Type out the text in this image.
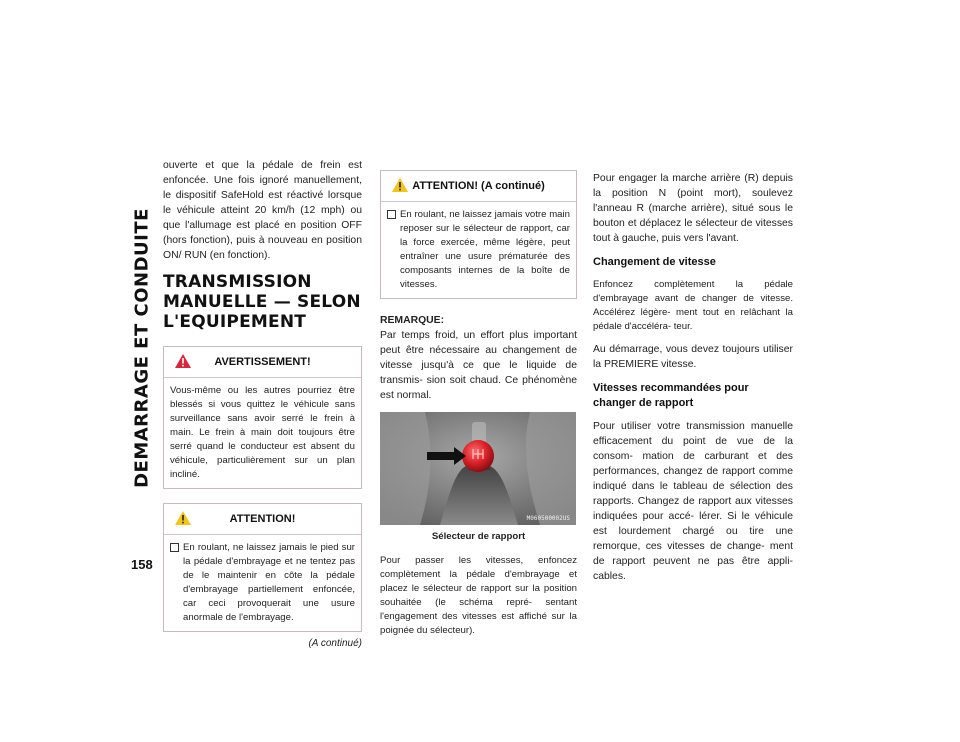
DEMARRAGE ET CONDUITE
158

ouverte et que la pédale de frein est enfoncée. Une fois ignoré manuellement, le dispositif SafeHold est réactivé lorsque le véhicule atteint 20 km/h (12 mph) ou que l'allumage est placé en position OFF (hors fonction), puis à nouveau en position ON/ RUN (en fonction).

TRANSMISSION MANUELLE — SELON L'EQUIPEMENT
AVERTISSEMENT!
Vous-même ou les autres pourriez être blessés si vous quittez le véhicule sans surveillance sans avoir serré le frein à main. Le frein à main doit toujours être serré quand le conducteur est absent du véhicule, particulièrement sur un plan incliné.
ATTENTION!
En roulant, ne laissez jamais le pied sur la pédale d'embrayage et ne tentez pas de le maintenir en côte la pédale d'embrayage partiellement enfoncée, car ceci provoquerait une usure anormale de l'embrayage.
(A continué)
ATTENTION! (A continué)
En roulant, ne laissez jamais votre main reposer sur le sélecteur de rapport, car la force exercée, même légère, peut entraîner une usure prématurée des composants internes de la boîte de vitesses.

REMARQUE:

Par temps froid, un effort plus important peut être nécessaire au changement de vitesse jusqu'à ce que le liquide de transmis- sion soit chaud. Ce phénomène est normal.

M060500002US
Sélecteur de rapport

Pour passer les vitesses, enfoncez complètement la pédale d'embrayage et placez le sélecteur de rapport sur la position souhaitée (le schéma repré- sentant l'engagement des vitesses est affiché sur la poignée du sélecteur).

Pour engager la marche arrière (R) depuis la position N (point mort), soulevez l'anneau R (marche arrière), situé sous le bouton et déplacez le sélecteur de vitesses tout à gauche, puis vers l'avant.

Changement de vitesse

Enfoncez complètement la pédale d'embrayage avant de changer de vitesse. Accélérez légère- ment tout en relâchant la pédale d'accéléra- teur.

Au démarrage, vous devez toujours utiliser la PREMIERE vitesse.

Vitesses recommandées pour changer de rapport

Pour utiliser votre transmission manuelle efficacement du point de vue de la consom- mation de carburant et des performances, changez de rapport comme indiqué dans le tableau de sélection des rapports. Changez de rapport aux vitesses indiquées pour accé- lérer. Si le véhicule est lourdement chargé ou tire une remorque, ces vitesses de change- ment de rapport peuvent ne pas être appli- cables.
